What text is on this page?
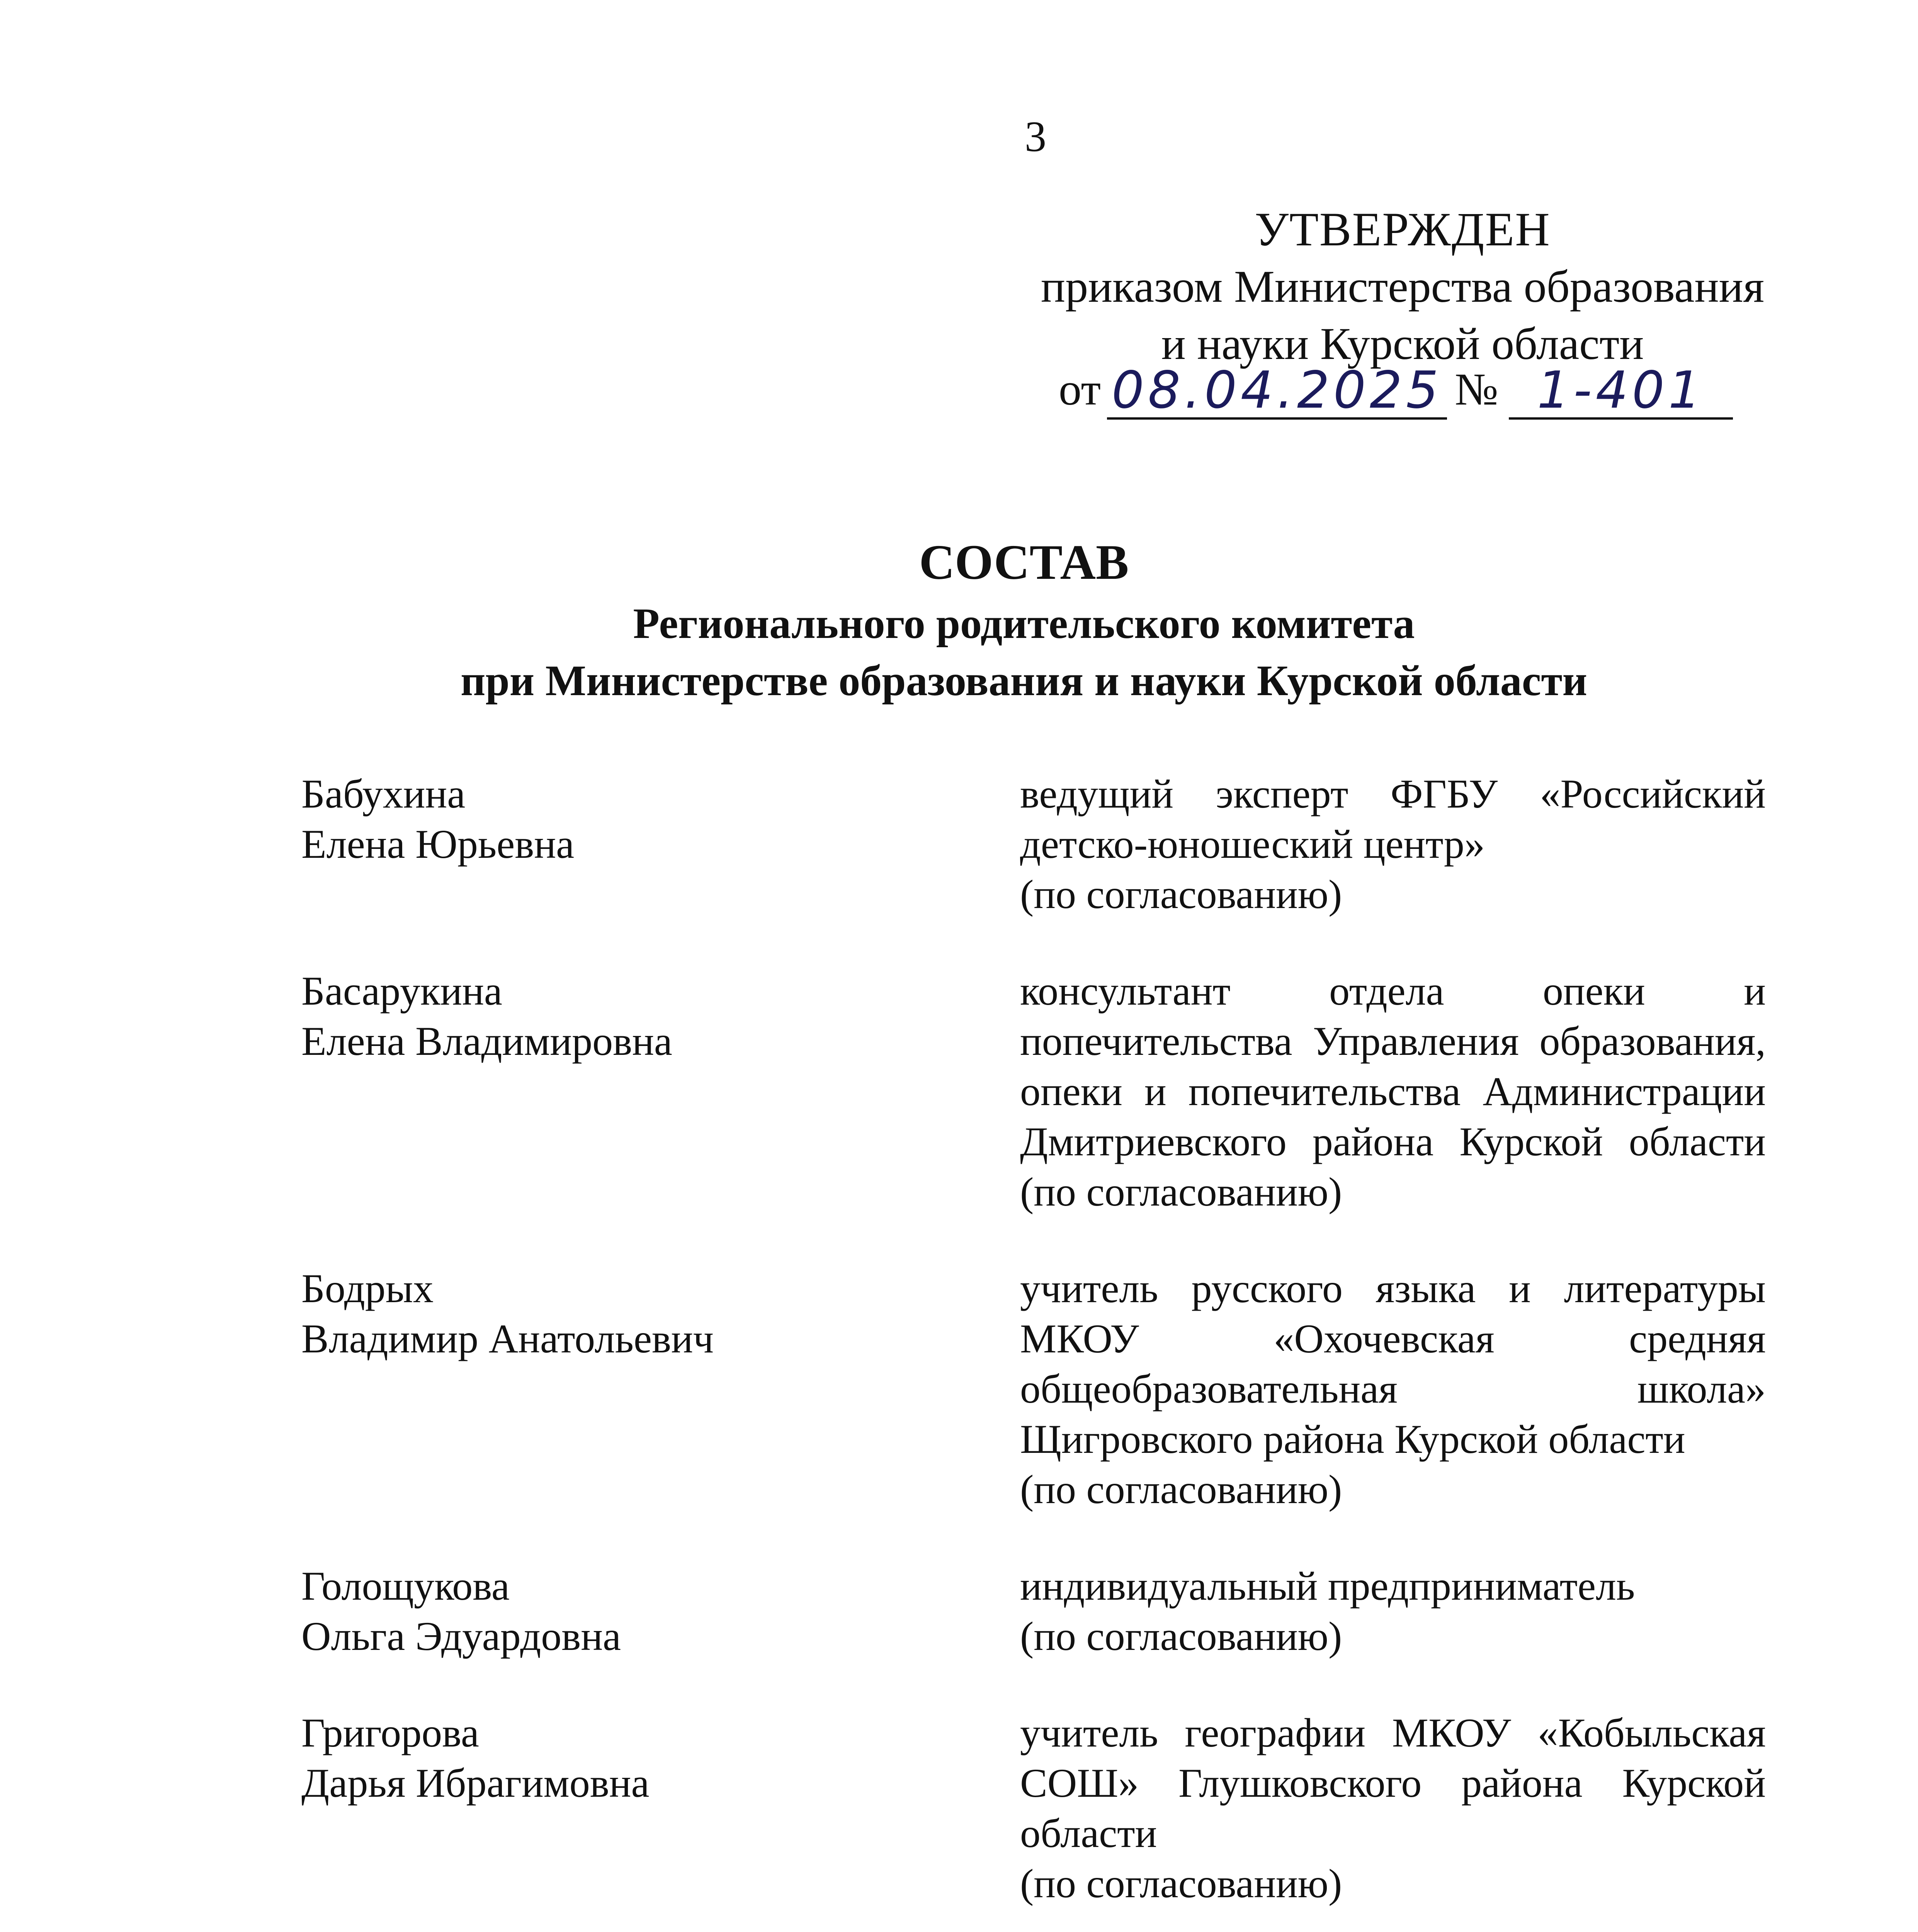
3
УТВЕРЖДЕН
приказом Министерства образования
и науки Курской области
от 08.04.2025 № 1-401
СОСТАВ
Регионального родительского комитета
при Министерстве образования и науки Курской области
Бабухина
Елена Юрьевна
ведущий эксперт ФГБУ «Российский детско-юношеский центр»
(по согласованию)
Басарукина
Елена Владимировна
консультант отдела опеки и попечительства Управления образования, опеки и попечительства Администрации Дмитриевского района Курской области (по согласованию)
Бодрых
Владимир Анатольевич
учитель русского языка и литературы МКОУ «Охочевская средняя общеобразовательная школа» Щигровского района Курской области
(по согласованию)
Голощукова
Ольга Эдуардовна
индивидуальный предприниматель
(по согласованию)
Григорова
Дарья Ибрагимовна
учитель географии МКОУ «Кобыльская СОШ» Глушковского района Курской области
(по согласованию)
